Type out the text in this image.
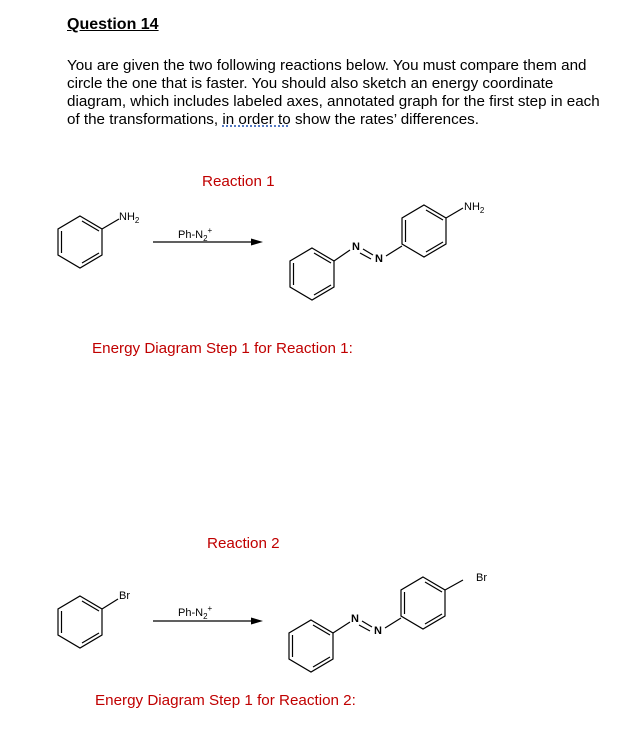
Question 14
You are given the two following reactions below. You must compare them and circle the one that is faster. You should also sketch an energy coordinate diagram, which includes labeled axes, annotated graph for the first step in each of the transformations, in order to show the rates’ differences.
Reaction 1
Energy Diagram Step 1 for Reaction 1:
Reaction 2
Energy Diagram Step 1 for Reaction 2:
$NH_2$
$Ph-N_2^+$
N
N
$NH_2$
Br
$Ph-N_2^+$
N
N
Br
